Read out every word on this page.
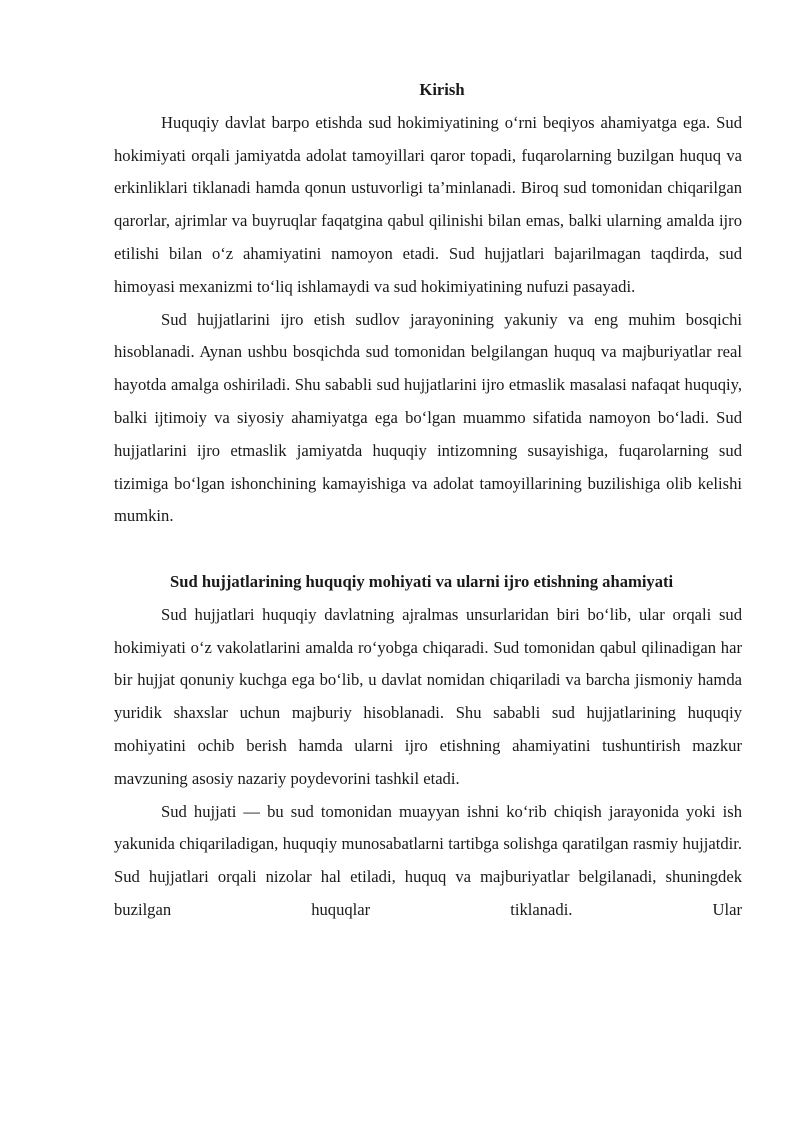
Kirish

Huquqiy davlat barpo etishda sud hokimiyatining o‘rni beqiyos ahamiyatga ega. Sud hokimiyati orqali jamiyatda adolat tamoyillari qaror topadi, fuqarolarning buzilgan huquq va erkinliklari tiklanadi hamda qonun ustuvorligi ta’minlanadi. Biroq sud tomonidan chiqarilgan qarorlar, ajrimlar va buyruqlar faqatgina qabul qilinishi bilan emas, balki ularning amalda ijro etilishi bilan o‘z ahamiyatini namoyon etadi. Sud hujjatlari bajarilmagan taqdirda, sud himoyasi mexanizmi to‘liq ishlamaydi va sud hokimiyatining nufuzi pasayadi.

Sud hujjatlarini ijro etish sudlov jarayonining yakuniy va eng muhim bosqichi hisoblanadi. Aynan ushbu bosqichda sud tomonidan belgilangan huquq va majburiyatlar real hayotda amalga oshiriladi. Shu sababli sud hujjatlarini ijro etmaslik masalasi nafaqat huquqiy, balki ijtimoiy va siyosiy ahamiyatga ega bo‘lgan muammo sifatida namoyon bo‘ladi. Sud hujjatlarini ijro etmaslik jamiyatda huquqiy intizomning susayishiga, fuqarolarning sud tizimiga bo‘lgan ishonchining kamayishiga va adolat tamoyillarining buzilishiga olib kelishi mumkin.

Sud hujjatlarining huquqiy mohiyati va ularni ijro etishning ahamiyati

Sud hujjatlari huquqiy davlatning ajralmas unsurlaridan biri bo‘lib, ular orqali sud hokimiyati o‘z vakolatlarini amalda ro‘yobga chiqaradi. Sud tomonidan qabul qilinadigan har bir hujjat qonuniy kuchga ega bo‘lib, u davlat nomidan chiqariladi va barcha jismoniy hamda yuridik shaxslar uchun majburiy hisoblanadi. Shu sababli sud hujjatlarining huquqiy mohiyatini ochib berish hamda ularni ijro etishning ahamiyatini tushuntirish mazkur mavzuning asosiy nazariy poydevorini tashkil etadi.

Sud hujjati — bu sud tomonidan muayyan ishni ko‘rib chiqish jarayonida yoki ish yakunida chiqariladigan, huquqiy munosabatlarni tartibga solishga qaratilgan rasmiy hujjatdir. Sud hujjatlari orqali nizolar hal etiladi, huquq va majburiyatlar belgilanadi, shuningdek buzilgan huquqlar tiklanadi. Ular
